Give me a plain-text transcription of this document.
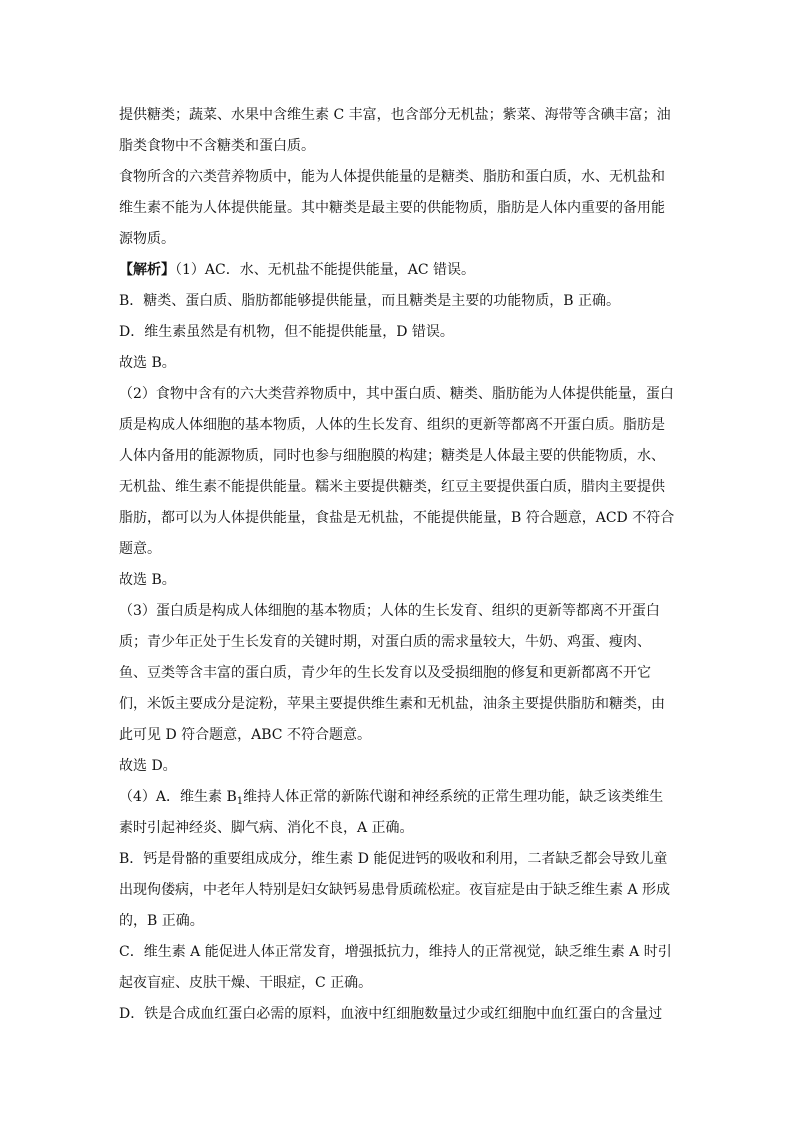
提供糖类；蔬菜、水果中含维生素 C 丰富，也含部分无机盐；紫菜、海带等含碘丰富；油
脂类食物中不含糖类和蛋白质。
食物所含的六类营养物质中，能为人体提供能量的是糖类、脂肪和蛋白质，水、无机盐和
维生素不能为人体提供能量。其中糖类是最主要的供能物质，脂肪是人体内重要的备用能
源物质。
【解析】（1）AC．水、无机盐不能提供能量，AC 错误。
B．糖类、蛋白质、脂肪都能够提供能量，而且糖类是主要的功能物质，B 正确。
D．维生素虽然是有机物，但不能提供能量，D 错误。
故选 B。
（2）食物中含有的六大类营养物质中，其中蛋白质、糖类、脂肪能为人体提供能量，蛋白
质是构成人体细胞的基本物质，人体的生长发育、组织的更新等都离不开蛋白质。脂肪是
人体内备用的能源物质，同时也参与细胞膜的构建；糖类是人体最主要的供能物质，水、
无机盐、维生素不能提供能量。糯米主要提供糖类，红豆主要提供蛋白质，腊肉主要提供
脂肪，都可以为人体提供能量，食盐是无机盐，不能提供能量，B 符合题意，ACD 不符合
题意。
故选 B。
（3）蛋白质是构成人体细胞的基本物质；人体的生长发育、组织的更新等都离不开蛋白
质；青少年正处于生长发育的关键时期，对蛋白质的需求量较大，牛奶、鸡蛋、瘦肉、
鱼、豆类等含丰富的蛋白质，青少年的生长发育以及受损细胞的修复和更新都离不开它
们，米饭主要成分是淀粉，苹果主要提供维生素和无机盐，油条主要提供脂肪和糖类，由
此可见 D 符合题意，ABC 不符合题意。
故选 D。
（4）A．维生素 $B_1$维持人体正常的新陈代谢和神经系统的正常生理功能，缺乏该类维生
素时引起神经炎、脚气病、消化不良，A 正确。
B．钙是骨骼的重要组成成分，维生素 D 能促进钙的吸收和利用，二者缺乏都会导致儿童
出现佝偻病，中老年人特别是妇女缺钙易患骨质疏松症。夜盲症是由于缺乏维生素 A 形成
的，B 正确。
C．维生素 A 能促进人体正常发育，增强抵抗力，维持人的正常视觉，缺乏维生素 A 时引
起夜盲症、皮肤干燥、干眼症，C 正确。
D．铁是合成血红蛋白必需的原料，血液中红细胞数量过少或红细胞中血红蛋白的含量过
